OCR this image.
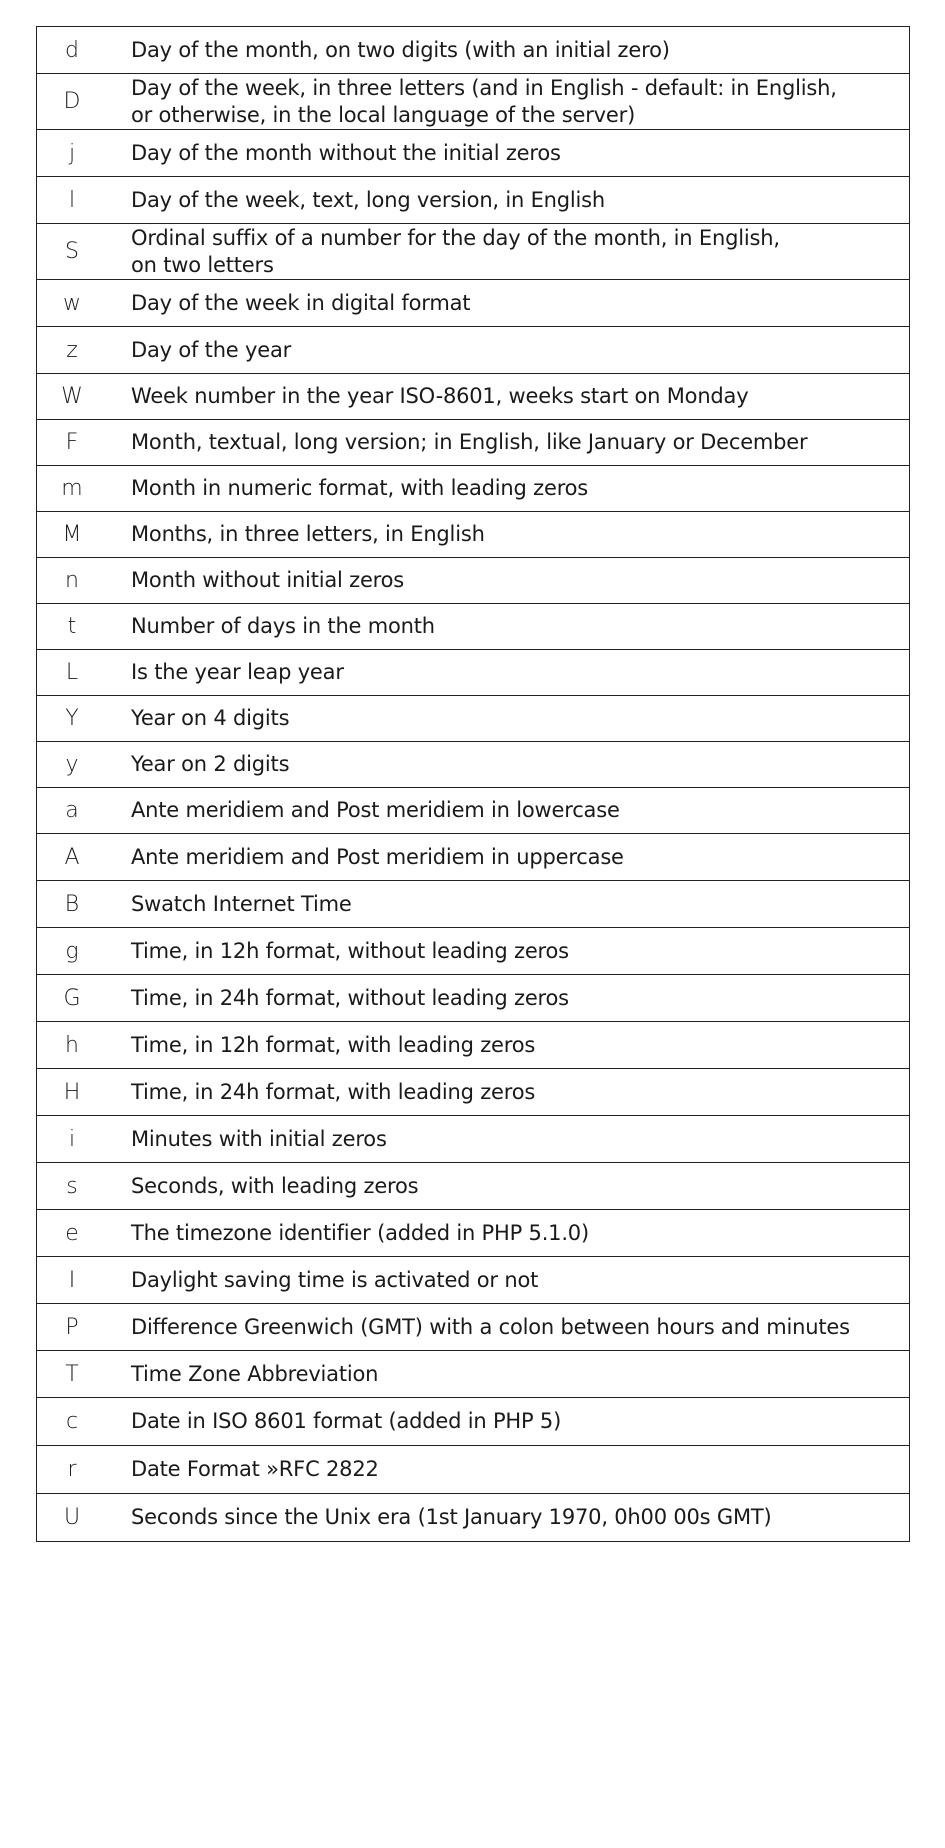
d	Day of the month, on two digits (with an initial zero)
D	Day of the week, in three letters (and in English - default: in English,
or otherwise, in the local language of the server)
j	Day of the month without the initial zeros
l	Day of the week, text, long version, in English
S	Ordinal suffix of a number for the day of the month, in English,
on two letters
w	Day of the week in digital format
z	Day of the year
W	Week number in the year ISO-8601, weeks start on Monday
F	Month, textual, long version; in English, like January or December
m	Month in numeric format, with leading zeros
M	Months, in three letters, in English
n	Month without initial zeros
t	Number of days in the month
L	Is the year leap year
Y	Year on 4 digits
y	Year on 2 digits
a	Ante meridiem and Post meridiem in lowercase
A	Ante meridiem and Post meridiem in uppercase
B	Swatch Internet Time
g	Time, in 12h format, without leading zeros
G	Time, in 24h format, without leading zeros
h	Time, in 12h format, with leading zeros
H	Time, in 24h format, with leading zeros
i	Minutes with initial zeros
s	Seconds, with leading zeros
e	The timezone identifier (added in PHP 5.1.0)
I	Daylight saving time is activated or not
P	Difference Greenwich (GMT) with a colon between hours and minutes
T	Time Zone Abbreviation
c	Date in ISO 8601 format (added in PHP 5)
r	Date Format »RFC 2822
U	Seconds since the Unix era (1st January 1970, 0h00 00s GMT)
